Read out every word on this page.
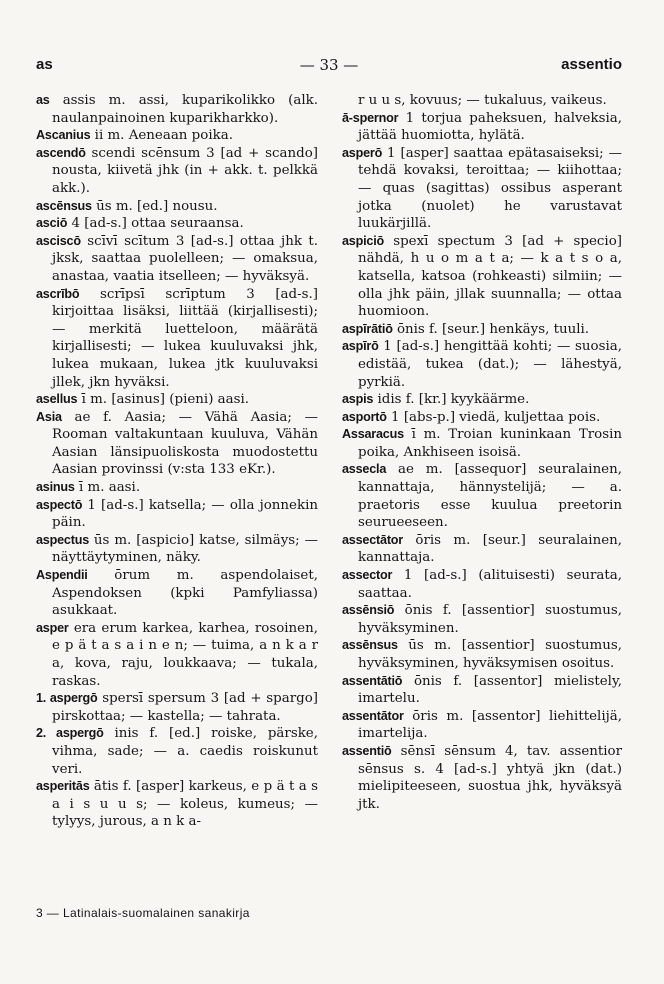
as	— 33 —	assentio

as assis m. assi, kuparikolikko (alk. naulanpainoinen kuparikharkko).

Ascanius ii m. Aeneaan poika.

ascendō scendi scēnsum 3 [ad + scando] nousta, kiivetä jhk (in + akk. t. pelkkä akk.).

ascēnsus ūs m. [ed.] nousu.

asciō 4 [ad-s.] ottaa seuraansa.

asciscō scīvī scītum 3 [ad-s.] ottaa jhk t. jksk, saattaa puolelleen; — omaksua, anastaa, vaatia itselleen; — hyväksyä.

ascrībō scrīpsī scrīptum 3 [ad-s.] kirjoittaa lisäksi, liittää (kirjallisesti); — merkitä luetteloon, määrätä kirjallisesti; — lukea kuuluvaksi jhk, lukea mukaan, lukea jtk kuuluvaksi jllek, jkn hyväksi.

asellus ī m. [asinus] (pieni) aasi.

Asia ae f. Aasia; — Vähä Aasia; — Rooman valtakuntaan kuuluva, Vähän Aasian länsipuoliskosta muodostettu Aasian provinssi (v:sta 133 eKr.).

asinus ī m. aasi.

aspectō 1 [ad-s.] katsella; — olla jonnekin päin.

aspectus ūs m. [aspicio] katse, silmäys; — näyttäytyminen, näky.

Aspendii ōrum m. aspendolaiset, Aspendoksen (kpki Pamfyliassa) asukkaat.

asper era erum karkea, karhea, rosoinen, e p ä t a s a i n e n; — tuima, a n k a r a, kova, raju, loukkaava; — tukala, raskas.

1. aspergō spersī spersum 3 [ad + spargo] pirskottaa; — kastella; — tahrata.

2. aspergō inis f. [ed.] roiske, pärske, vihma, sade; — a. caedis roiskunut veri.

asperitās ātis f. [asper] karkeus, e p ä t a s a i s u u s; — koleus, kumeus; — tylyys, jurous, a n k a-

r u u s, kovuus; — tukaluus, vaikeus.

ā-spernor 1 torjua paheksuen, halveksia, jättää huomiotta, hylätä.

asperō 1 [asper] saattaa epätasaiseksi; — tehdä kovaksi, teroittaa; — kiihottaa; — quas (sagittas) ossibus asperant jotka (nuolet) he varustavat luukärjillä.

aspiciō spexī spectum 3 [ad + specio] nähdä, h u o m a t a; — k a t s o a, katsella, katsoa (rohkeasti) silmiin; — olla jhk päin, jllak suunnalla; — ottaa huomioon.

aspīrātiō ōnis f. [seur.] henkäys, tuuli.

aspīrō 1 [ad-s.] hengittää kohti; — suosia, edistää, tukea (dat.); — lähestyä, pyrkiä.

aspis idis f. [kr.] kyykäärme.

asportō 1 [abs-p.] viedä, kuljettaa pois.

Assaracus ī m. Troian kuninkaan Trosin poika, Ankhiseen isoisä.

assecla ae m. [assequor] seuralainen, kannattaja, hännystelijä; — a. praetoris esse kuulua preetorin seurueeseen.

assectātor ōris m. [seur.] seuralainen, kannattaja.

assector 1 [ad-s.] (alituisesti) seurata, saattaa.

assēnsiō ōnis f. [assentior] suostumus, hyväksyminen.

assēnsus ūs m. [assentior] suostumus, hyväksyminen, hyväksymisen osoitus.

assentātiō ōnis f. [assentor] mielistely, imartelu.

assentātor ōris m. [assentor] liehittelijä, imartelija.

assentiō sēnsī sēnsum 4, tav. assentior sēnsus s. 4 [ad-s.] yhtyä jkn (dat.) mielipiteeseen, suostua jhk, hyväksyä jtk.

3 — Latinalais-suomalainen sanakirja
